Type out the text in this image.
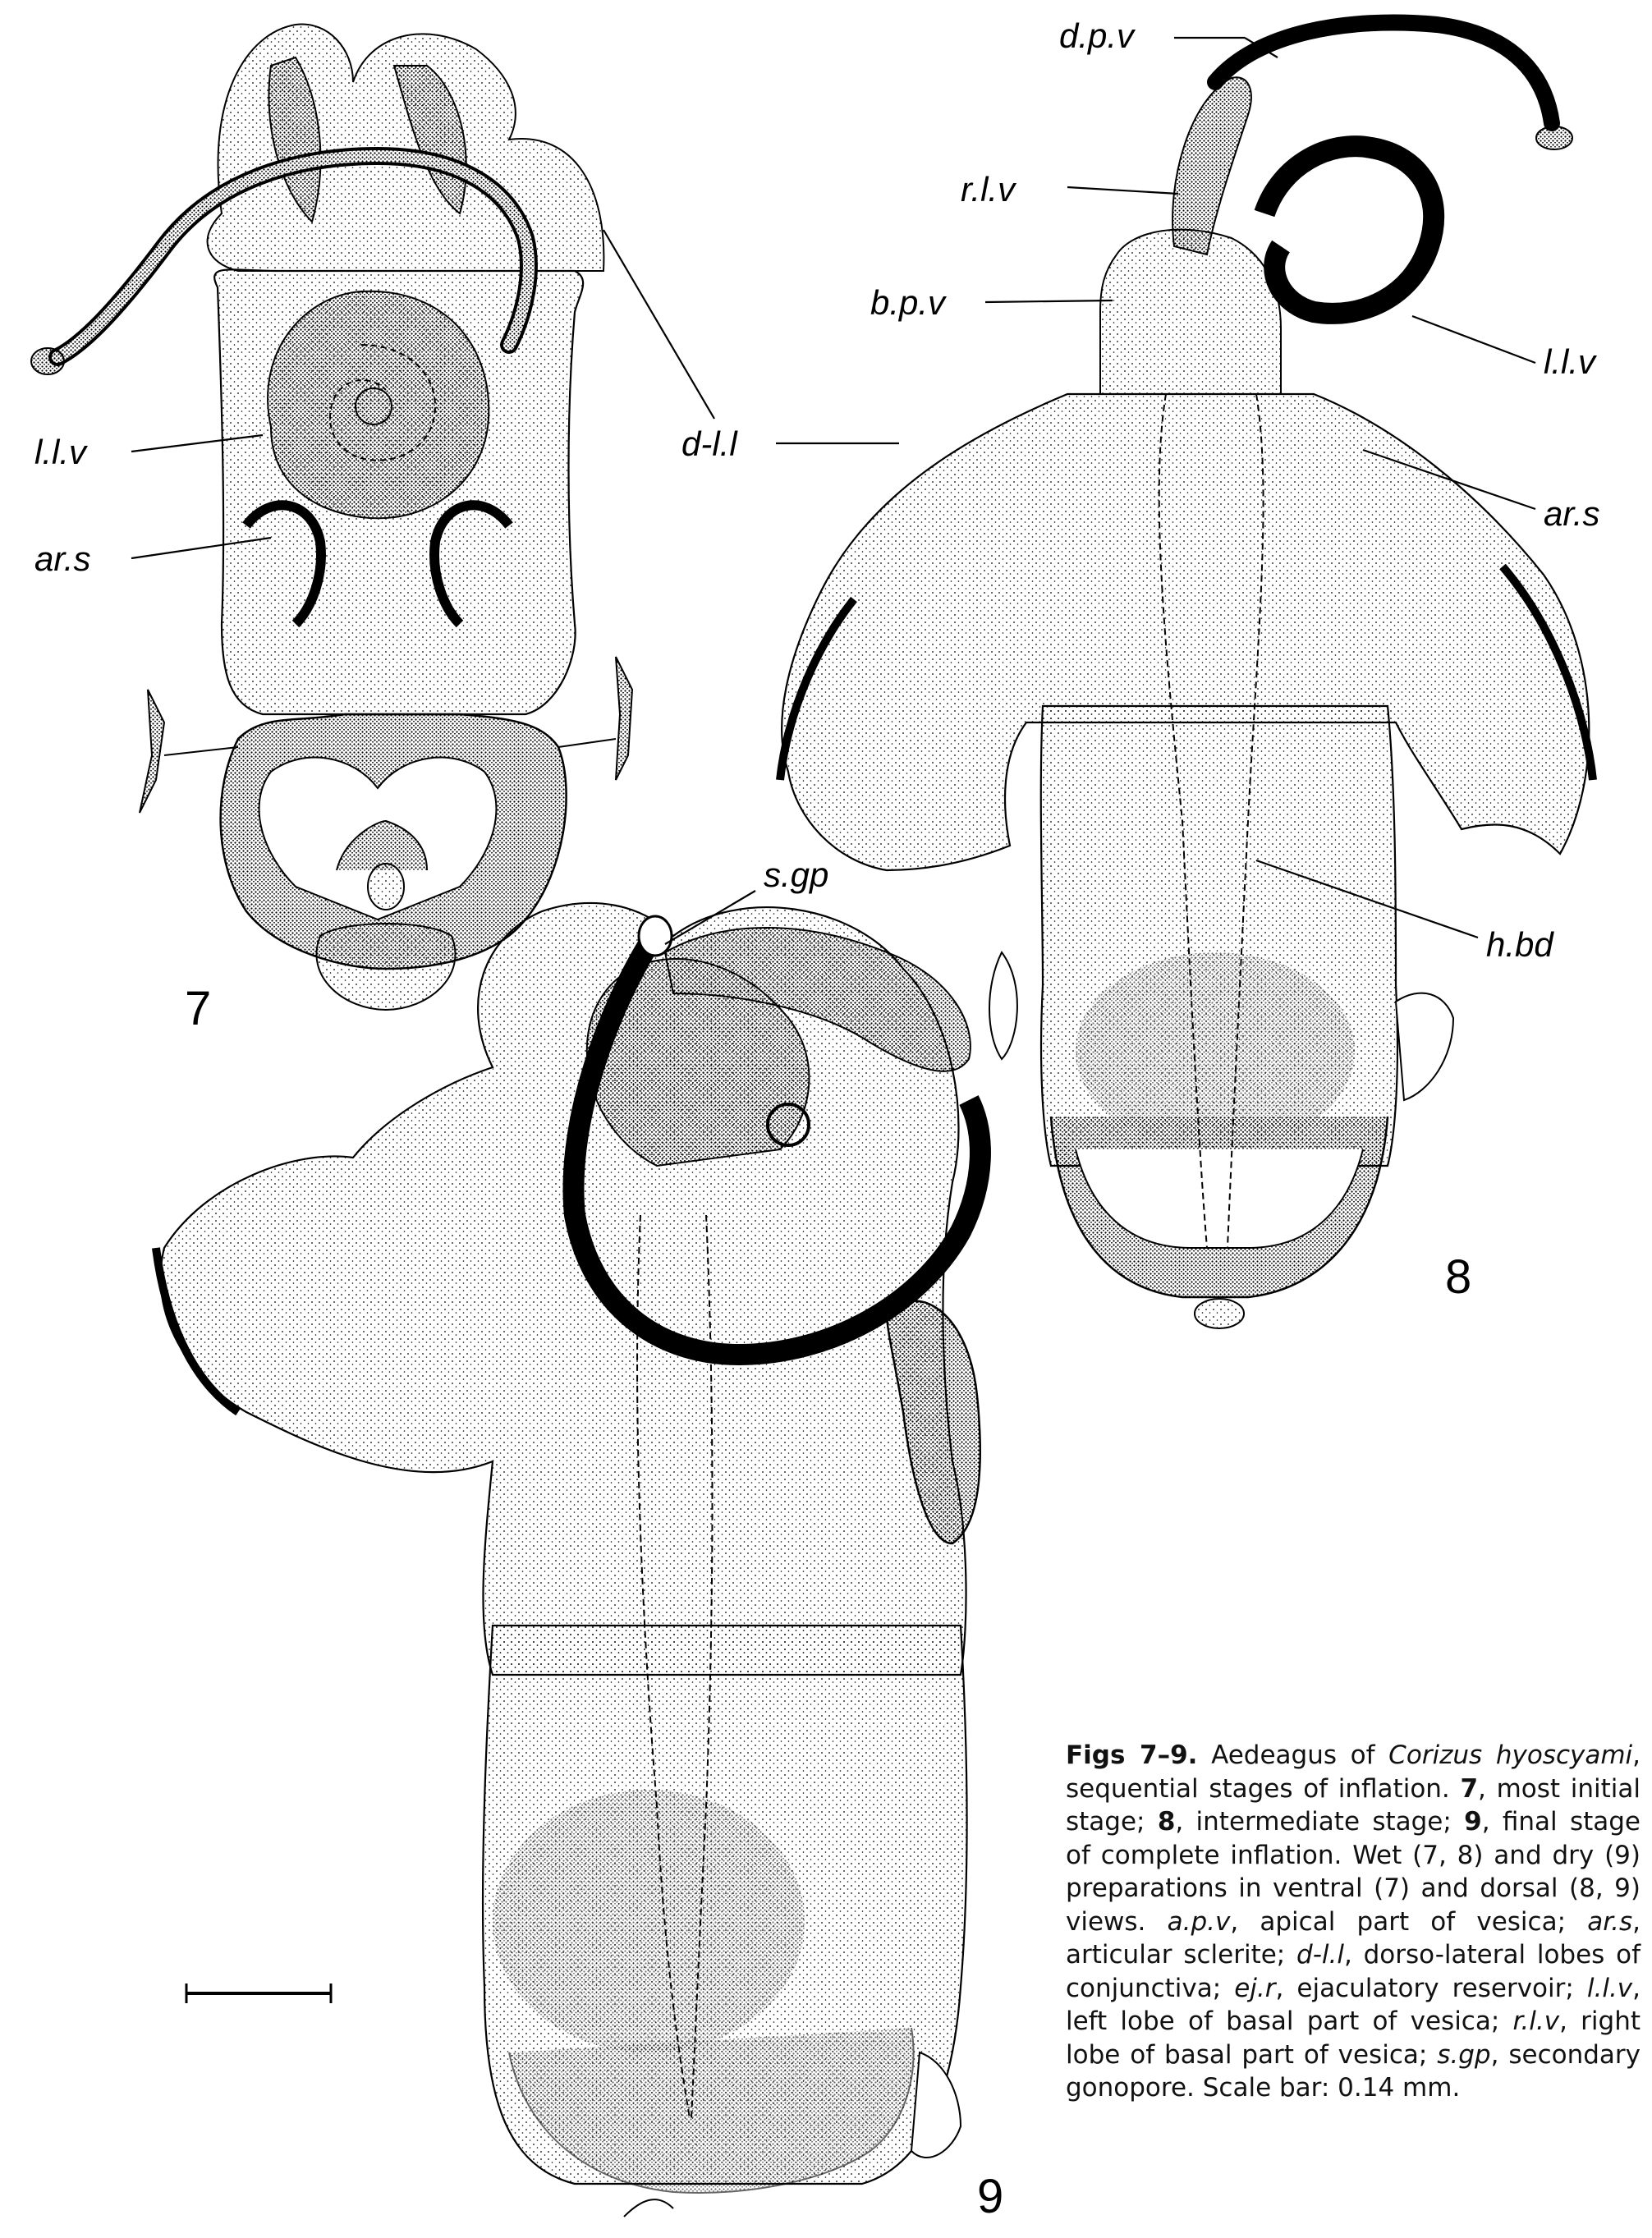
d.p.v
r.l.v
b.p.v
l.l.v
ar.s
d-l.l
h.bd
l.l.v
ar.s
s.gp
7
8
9

Figs 7–9. Aedeagus of Corizus hyoscyami, sequential stages of inflation. 7, most initial stage; 8, intermediate stage; 9, final stage of complete inflation. Wet (7, 8) and dry (9) preparations in ventral (7) and dorsal (8, 9) views. a.p.v, apical part of vesica; ar.s, articular sclerite; d-l.l, dorso-lateral lobes of conjunctiva; ej.r, ejaculatory reservoir; l.l.v, left lobe of basal part of vesica; r.l.v, right lobe of basal part of vesica; s.gp, secondary gonopore. Scale bar: 0.14 mm.
